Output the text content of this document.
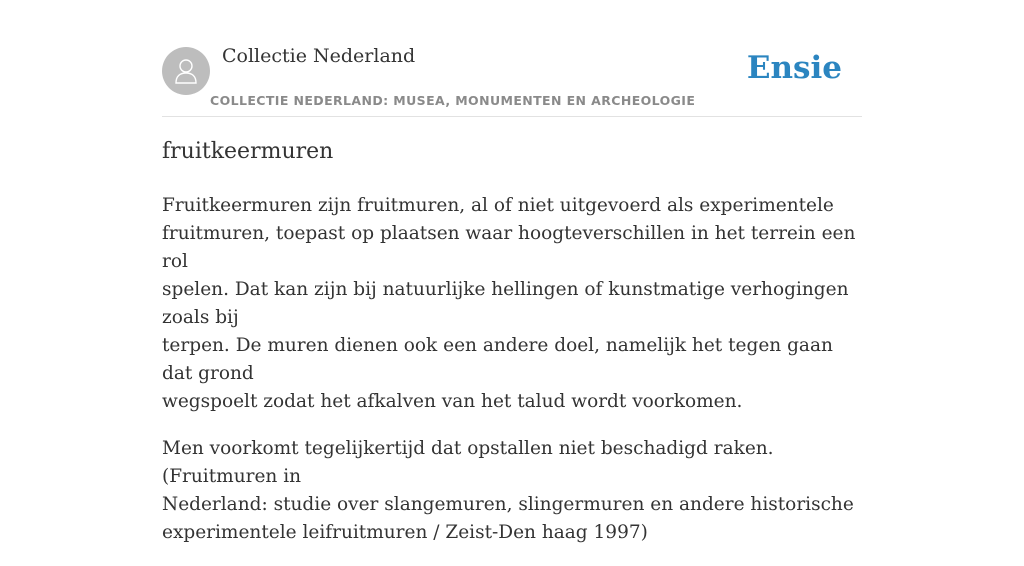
Collectie Nederland
COLLECTIE NEDERLAND: MUSEA, MONUMENTEN EN ARCHEOLOGIE
Ensie
fruitkeermuren

Fruitkeermuren zijn fruitmuren, al of niet uitgevoerd als experimentele
fruitmuren, toepast op plaatsen waar hoogteverschillen in het terrein een rol
spelen. Dat kan zijn bij natuurlijke hellingen of kunstmatige verhogingen zoals bij
terpen. De muren dienen ook een andere doel, namelijk het tegen gaan dat grond
wegspoelt zodat het afkalven van het talud wordt voorkomen.

Men voorkomt tegelijkertijd dat opstallen niet beschadigd raken. (Fruitmuren in
Nederland: studie over slangemuren, slingermuren en andere historische
experimentele leifruitmuren / Zeist-Den haag 1997)
